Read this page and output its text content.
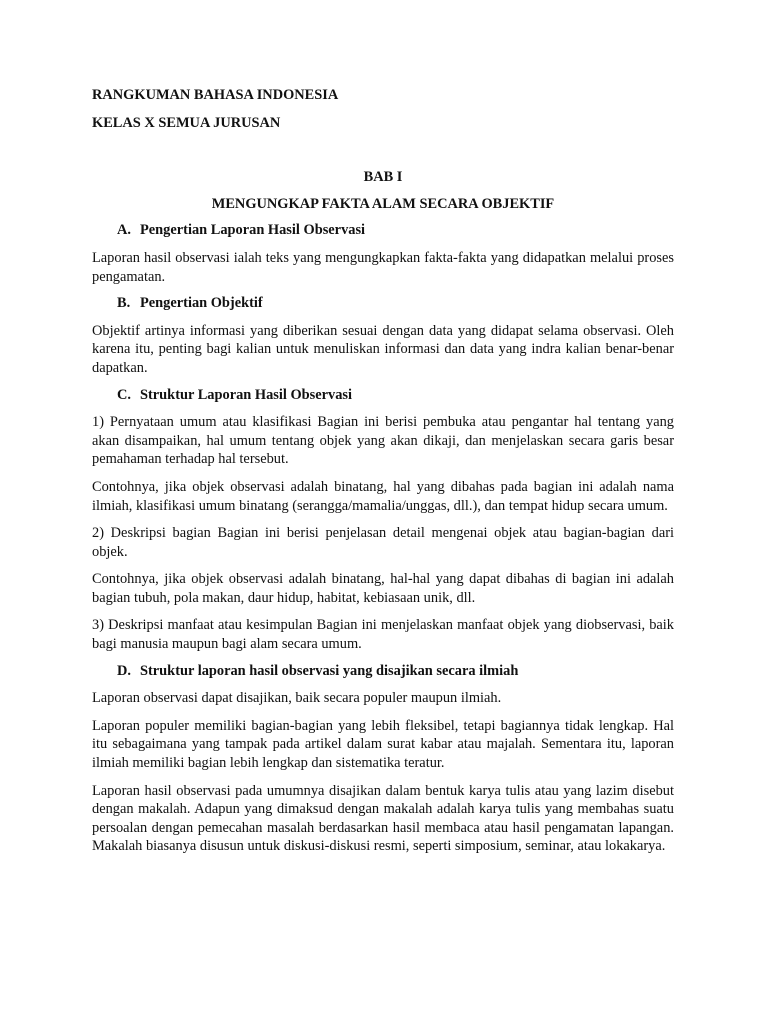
RANGKUMAN BAHASA INDONESIA

KELAS X SEMUA JURUSAN

BAB I

MENGUNGKAP FAKTA ALAM SECARA OBJEKTIF

A. Pengertian Laporan Hasil Observasi

Laporan hasil observasi ialah teks yang mengungkapkan fakta-fakta yang didapatkan melalui proses pengamatan.

B. Pengertian Objektif

Objektif artinya informasi yang diberikan sesuai dengan data yang didapat selama observasi. Oleh karena itu, penting bagi kalian untuk menuliskan informasi dan data yang indra kalian benar-benar dapatkan.

C. Struktur Laporan Hasil Observasi

1) Pernyataan umum atau klasifikasi Bagian ini berisi pembuka atau pengantar hal tentang yang akan disampaikan, hal umum tentang objek yang akan dikaji, dan menjelaskan secara garis besar pemahaman terhadap hal tersebut.

Contohnya, jika objek observasi adalah binatang, hal yang dibahas pada bagian ini adalah nama ilmiah, klasifikasi umum binatang (serangga/mamalia/unggas, dll.), dan tempat hidup secara umum.

2) Deskripsi bagian Bagian ini berisi penjelasan detail mengenai objek atau bagian-bagian dari objek.

Contohnya, jika objek observasi adalah binatang, hal-hal yang dapat dibahas di bagian ini adalah bagian tubuh, pola makan, daur hidup, habitat, kebiasaan unik, dll.

3) Deskripsi manfaat atau kesimpulan Bagian ini menjelaskan manfaat objek yang diobservasi, baik bagi manusia maupun bagi alam secara umum.

D. Struktur laporan hasil observasi yang disajikan secara ilmiah

Laporan observasi dapat disajikan, baik secara populer maupun ilmiah.

Laporan populer memiliki bagian-bagian yang lebih fleksibel, tetapi bagiannya tidak lengkap. Hal itu sebagaimana yang tampak pada artikel dalam surat kabar atau majalah. Sementara itu, laporan ilmiah memiliki bagian lebih lengkap dan sistematika teratur.

Laporan hasil observasi pada umumnya disajikan dalam bentuk karya tulis atau yang lazim disebut dengan makalah. Adapun yang dimaksud dengan makalah adalah karya tulis yang membahas suatu persoalan dengan pemecahan masalah berdasarkan hasil membaca atau hasil pengamatan lapangan. Makalah biasanya disusun untuk diskusi-diskusi resmi, seperti simposium, seminar, atau lokakarya.
